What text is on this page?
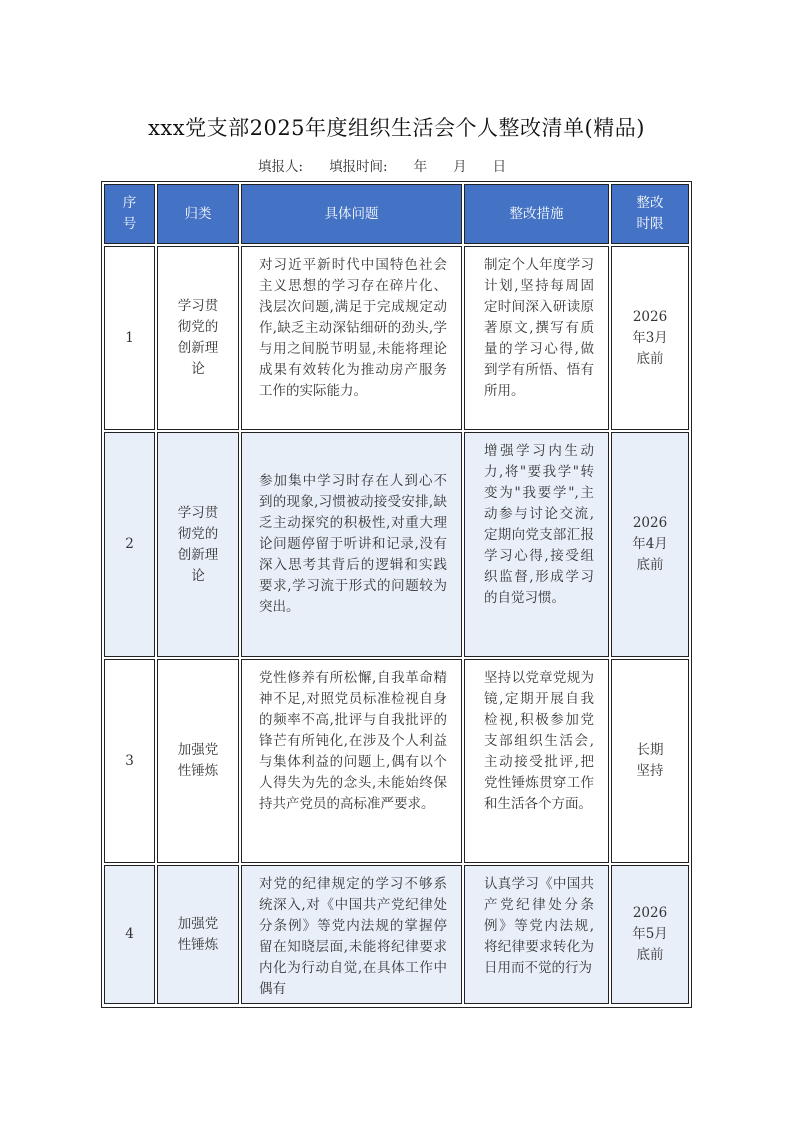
xxx党支部2025年度组织生活会个人整改清单(精品)
填报人: 填报时间: 年 月 日
序
号
归类	具体问题	整改措施
整改
时限
1
学习贯
彻党的
创新理
论
对习近平新时代中国特色社会主义思想的学习存在碎片化、浅层次问题,满足于完成规定动作,缺乏主动深钻细研的劲头,学与用之间脱节明显,未能将理论成果有效转化为推动房产服务工作的实际能力。
制定个人年度学习计划,坚持每周固定时间深入研读原著原文,撰写有质量的学习心得,做到学有所悟、悟有所用。
2026
年3月
底前
2
学习贯
彻党的
创新理
论
参加集中学习时存在人到心不到的现象,习惯被动接受安排,缺乏主动探究的积极性,对重大理论问题停留于听讲和记录,没有深入思考其背后的逻辑和实践要求,学习流于形式的问题较为突出。
增强学习内生动力,将"要我学"转变为"我要学",主动参与讨论交流,定期向党支部汇报学习心得,接受组织监督,形成学习的自觉习惯。
2026
年4月
底前
3
加强党
性锤炼
党性修养有所松懈,自我革命精神不足,对照党员标准检视自身的频率不高,批评与自我批评的锋芒有所钝化,在涉及个人利益与集体利益的问题上,偶有以个人得失为先的念头,未能始终保持共产党员的高标准严要求。
坚持以党章党规为镜,定期开展自我检视,积极参加党支部组织生活会,主动接受批评,把党性锤炼贯穿工作和生活各个方面。
长期
坚持
4
加强党
性锤炼
对党的纪律规定的学习不够系统深入,对《中国共产党纪律处分条例》等党内法规的掌握停留在知晓层面,未能将纪律要求内化为行动自觉,在具体工作中偶有
认真学习《中国共产党纪律处分条例》等党内法规,将纪律要求转化为日用而不觉的行为
2026
年5月
底前
